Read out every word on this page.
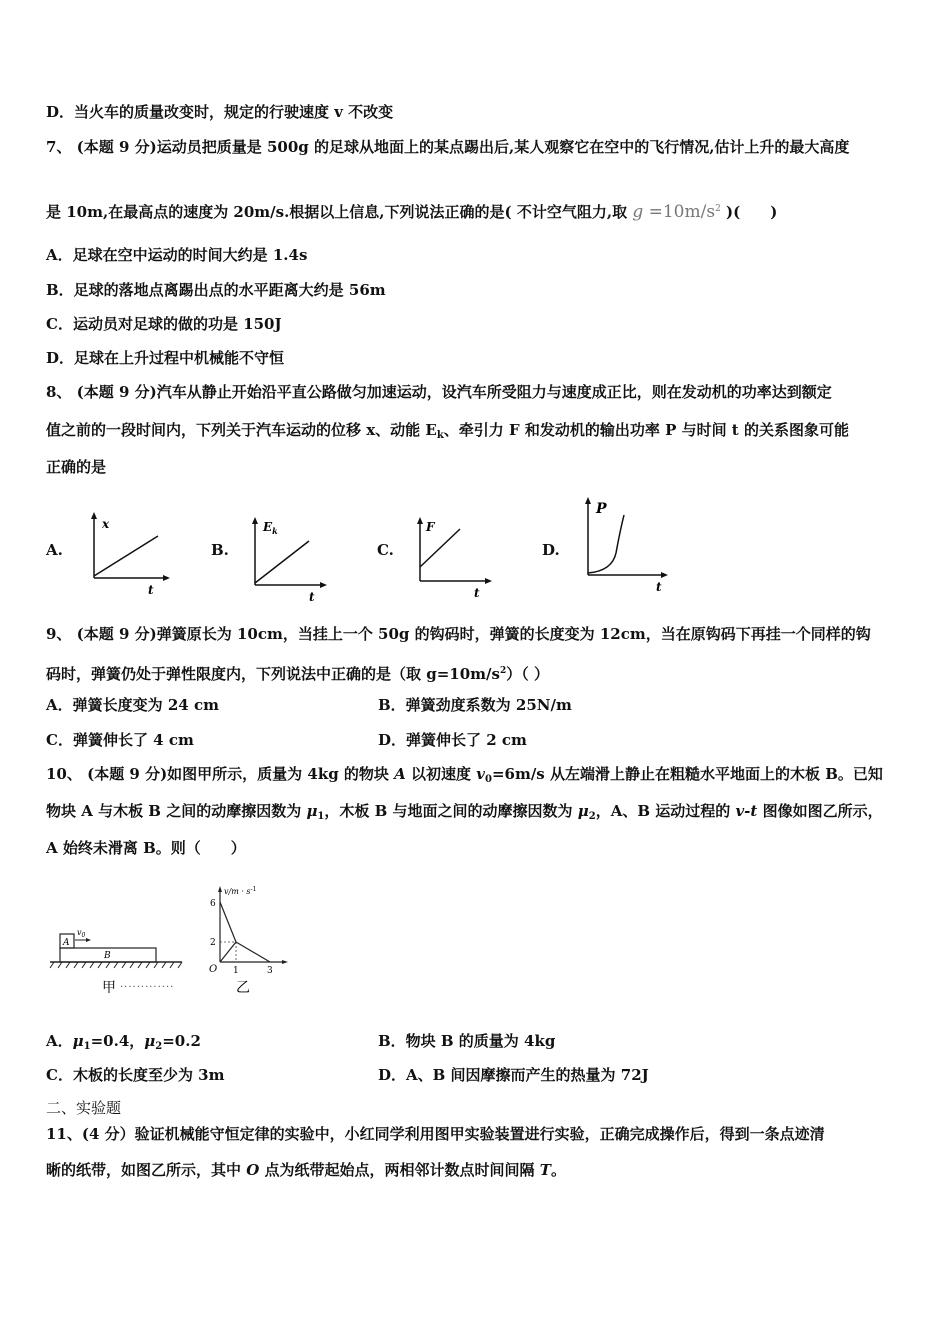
D．当火车的质量改变时，规定的行驶速度 v 不改变
7、 (本题 9 分)运动员把质量是 500g 的足球从地面上的某点踢出后,某人观察它在空中的飞行情况,估计上升的最大高度
是 10m,在最高点的速度为 20m/s.根据以上信息,下列说法正确的是( 不计空气阻力,取 $g =10m/s^2$ )(　　)
A．足球在空中运动的时间大约是 1.4s
B．足球的落地点离踢出点的水平距离大约是 56m
C．运动员对足球的做的功是 150J
D．足球在上升过程中机械能不守恒
8、 (本题 9 分)汽车从静止开始沿平直公路做匀加速运动，设汽车所受阻力与速度成正比，则在发动机的功率达到额定
值之前的一段时间内，下列关于汽车运动的位移 x、动能 $E_k$、牵引力 F 和发动机的输出功率 P 与时间 t 的关系图象可能
正确的是
A.	B.	C.	D.
x
t
$E_k$
t
F
t
P
t
9、 (本题 9 分)弹簧原长为 10cm，当挂上一个 50g 的钩码时，弹簧的长度变为 12cm，当在原钩码下再挂一个同样的钩
码时，弹簧仍处于弹性限度内，下列说法中正确的是（取 $g=10m/s^2$）（ ）
A．弹簧长度变为 24 cm	B．弹簧劲度系数为 25N/m
C．弹簧伸长了 4 cm	D．弹簧伸长了 2 cm
10、 (本题 9 分)如图甲所示，质量为 4kg 的物块 A 以初速度 $v_0=6m/s$ 从左端滑上静止在粗糙水平地面上的木板 B。已知
物块 A 与木板 B 之间的动摩擦因数为 $\mu_1$，木板 B 与地面之间的动摩擦因数为 $\mu_2$，A、B 运动过程的 v-t 图像如图乙所示，
A 始终未滑离 B。则（　　）
B
A
$v_0$
$v/m \cdot s^{-1}$
6
2
O 1	3
甲 ·············	乙
A．$\mu_1=0.4$，$\mu_2=0.2$	B．物块 B 的质量为 4kg
C．木板的长度至少为 3m	D．A、B 间因摩擦而产生的热量为 72J
二、实验题
11、(4 分）验证机械能守恒定律的实验中，小红同学利用图甲实验装置进行实验，正确完成操作后，得到一条点迹清
晰的纸带，如图乙所示，其中 O 点为纸带起始点，两相邻计数点时间间隔 T。
